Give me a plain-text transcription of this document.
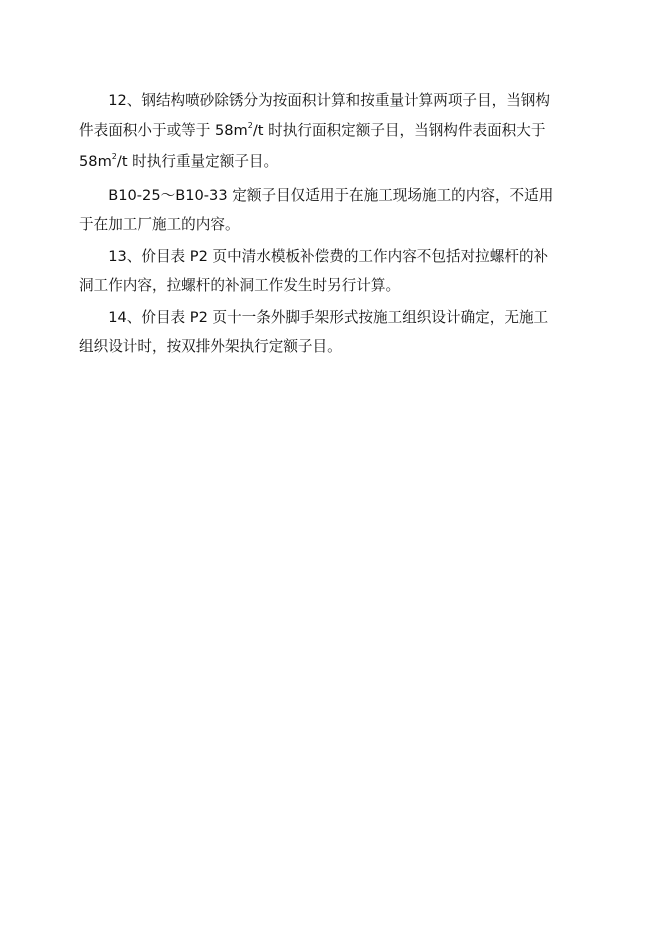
12、钢结构喷砂除锈分为按面积计算和按重量计算两项子目，当钢构
件表面积小于或等于 $58m^2/t$ 时执行面积定额子目，当钢构件表面积大于
$58m^2/t$ 时执行重量定额子目。
B10-25～B10-33 定额子目仅适用于在施工现场施工的内容，不适用
于在加工厂施工的内容。
13、价目表 P2 页中清水模板补偿费的工作内容不包括对拉螺杆的补
洞工作内容，拉螺杆的补洞工作发生时另行计算。
14、价目表 P2 页十一条外脚手架形式按施工组织设计确定，无施工
组织设计时，按双排外架执行定额子目。
